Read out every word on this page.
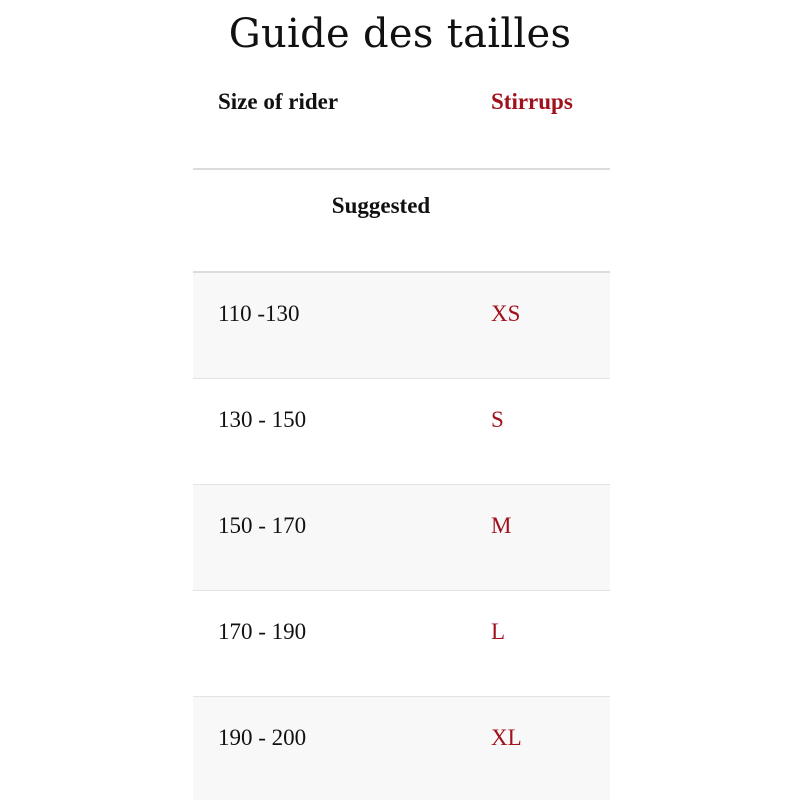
Guide des tailles
Size of rider	Stirrups
Suggested
110 -130	XS
130 - 150	S
150 - 170	M
170 - 190	L
190 - 200	XL
